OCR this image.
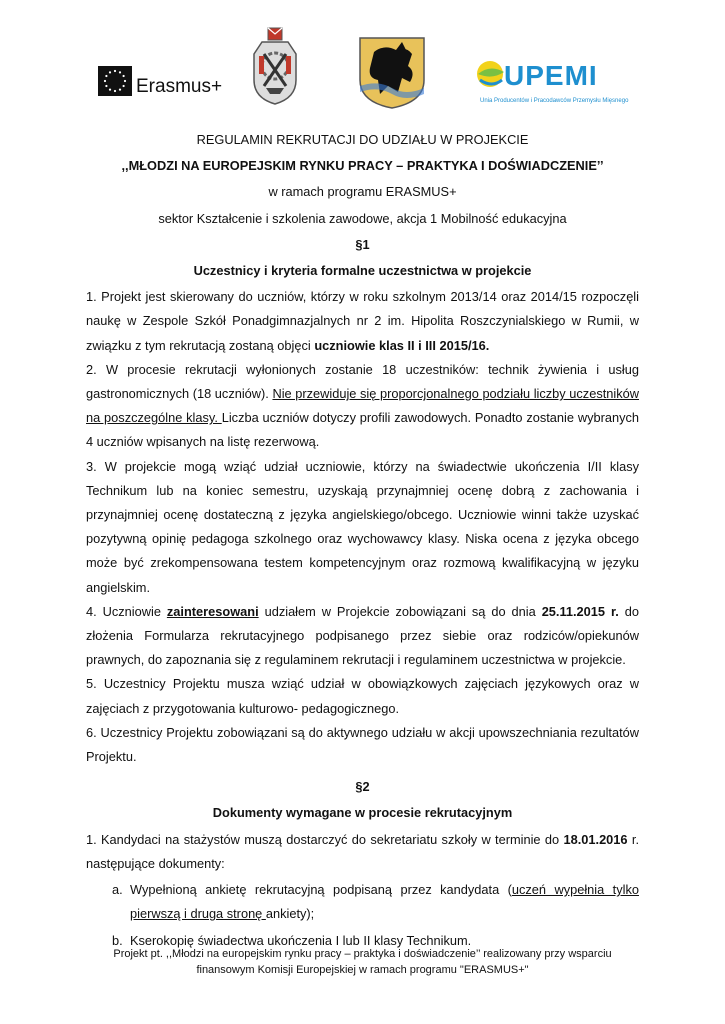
Erasmus+	UPEMI
Unia Producentów i Pracodawców Przemysłu Mięsnego

REGULAMIN REKRUTACJI DO UDZIAŁU W PROJEKCIE

,,MŁODZI NA EUROPEJSKIM RYNKU PRACY – PRAKTYKA I DOŚWIADCZENIE’’

w ramach programu ERASMUS+

sektor Kształcenie i szkolenia zawodowe, akcja 1 Mobilność edukacyjna

§1

Uczestnicy i kryteria formalne uczestnictwa w projekcie

1. Projekt jest skierowany do uczniów, którzy w roku szkolnym 2013/14 oraz 2014/15 rozpoczęli naukę w Zespole Szkół Ponadgimnazjalnych nr 2 im. Hipolita Roszczynialskiego w Rumii, w związku z tym rekrutacją zostaną objęci uczniowie klas II i III 2015/16.

2. W procesie rekrutacji wyłonionych zostanie 18 uczestników: technik żywienia i usług gastronomicznych (18 uczniów). Nie przewiduje się proporcjonalnego podziału liczby uczestników na poszczególne klasy. Liczba uczniów dotyczy profili zawodowych. Ponadto zostanie wybranych 4 uczniów wpisanych na listę rezerwową.

3. W projekcie mogą wziąć udział uczniowie, którzy na świadectwie ukończenia I/II klasy Technikum lub na koniec semestru, uzyskają przynajmniej ocenę dobrą z zachowania i przynajmniej ocenę dostateczną z języka angielskiego/obcego. Uczniowie winni także uzyskać pozytywną opinię pedagoga szkolnego oraz wychowawcy klasy. Niska ocena z języka obcego może być zrekompensowana testem kompetencyjnym oraz rozmową kwalifikacyjną w języku angielskim.

4. Uczniowie zainteresowani udziałem w Projekcie zobowiązani są do dnia 25.11.2015 r. do złożenia Formularza rekrutacyjnego podpisanego przez siebie oraz rodziców/opiekunów prawnych, do zapoznania się z regulaminem rekrutacji i regulaminem uczestnictwa w projekcie.

5. Uczestnicy Projektu musza wziąć udział w obowiązkowych zajęciach językowych oraz w zajęciach z przygotowania kulturowo- pedagogicznego.

6. Uczestnicy Projektu zobowiązani są do aktywnego udziału w akcji upowszechniania rezultatów Projektu.

§2

Dokumenty wymagane w procesie rekrutacyjnym

1. Kandydaci na stażystów muszą dostarczyć do sekretariatu szkoły w terminie do 18.01.2016 r. następujące dokumenty:

a. Wypełnioną ankietę rekrutacyjną podpisaną przez kandydata (uczeń wypełnia tylko pierwszą i druga stronę ankiety);
b. Kserokopię świadectwa ukończenia I lub II klasy Technikum.
Projekt pt. ,,Młodzi na europejskim rynku pracy – praktyka i doświadczenie’’ realizowany przy wsparciu
finansowym Komisji Europejskiej w ramach programu "ERASMUS+"
